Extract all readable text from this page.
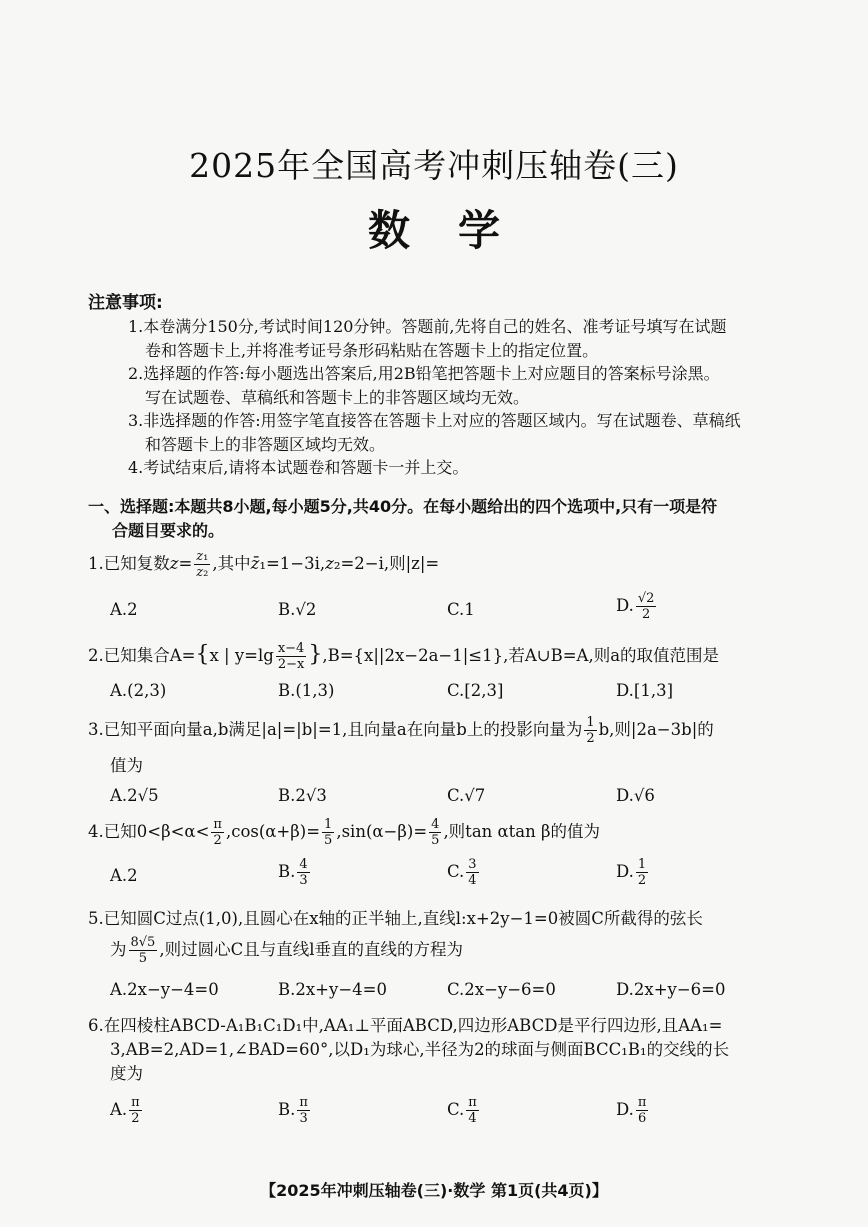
2025年全国高考冲刺压轴卷(三)
数学
注意事项:
1.本卷满分150分,考试时间120分钟。答题前,先将自己的姓名、准考证号填写在试题
卷和答题卡上,并将准考证号条形码粘贴在答题卡上的指定位置。
2.选择题的作答:每小题选出答案后,用2B铅笔把答题卡上对应题目的答案标号涂黑。
写在试题卷、草稿纸和答题卡上的非答题区域均无效。
3.非选择题的作答:用签字笔直接答在答题卡上对应的答题区域内。写在试题卷、草稿纸
和答题卡上的非答题区域均无效。
4.考试结束后,请将本试题卷和答题卡一并上交。
一、选择题:本题共8小题,每小题5分,共40分。在每小题给出的四个选项中,只有一项是符
合题目要求的。
1.已知复数$z= \frac{\text{z₁}}{\text{z₂}}$ ,其中z̄₁=1−3i,z₂=2−i,则|z|=
A.2	B.√2	C.1	D. $\frac{√2}{2}$
2.已知集合A={x | $y=\lg \frac{x-4}{2-x} \},B=\{x||2x-2a-1|\le 1\}$,若A∪B=A,则a的取值范围是
A.(2,3)	B.(1,3)	C.[2,3]	D.[1,3]
3.已知平面向量a,b满足|a|=|b|=1,且向量a在向量b上的投影向量为 $\frac{1}{2} b$,则|2a−3b|的
值为
A.2√5	B.2√3	C.√7	D.√6
4.已知$0<\beta<\alpha< \frac{\pi}{2} ,\cos(\alpha+\beta)= \frac{1}{5} ,\sin(\alpha-\beta)= \frac{4}{5}$ ,则tan αtan β的值为
A.2	B. $\frac{4}{3}$	C. $\frac{3}{4}$	D. $\frac{1}{2}$
5.已知圆C过点(1,0),且圆心在x轴的正半轴上,直线l:x+2y−1=0被圆C所截得的弦长
为 $\frac{8√5}{5}$ ,则过圆心C且与直线l垂直的直线的方程为
A.2x−y−4=0	B.2x+y−4=0	C.2x−y−6=0	D.2x+y−6=0
6.在四棱柱ABCD-A₁B₁C₁D₁中,AA₁⊥平面ABCD,四边形ABCD是平行四边形,且AA₁=
3,AB=2,AD=1,∠BAD=60°,以D₁为球心,半径为2的球面与侧面BCC₁B₁的交线的长
度为
A. $\frac{\pi}{2}$	B. $\frac{\pi}{3}$	C. $\frac{\pi}{4}$	D. $\frac{\pi}{6}$
【2025年冲刺压轴卷(三)·数学 第1页(共4页)】
